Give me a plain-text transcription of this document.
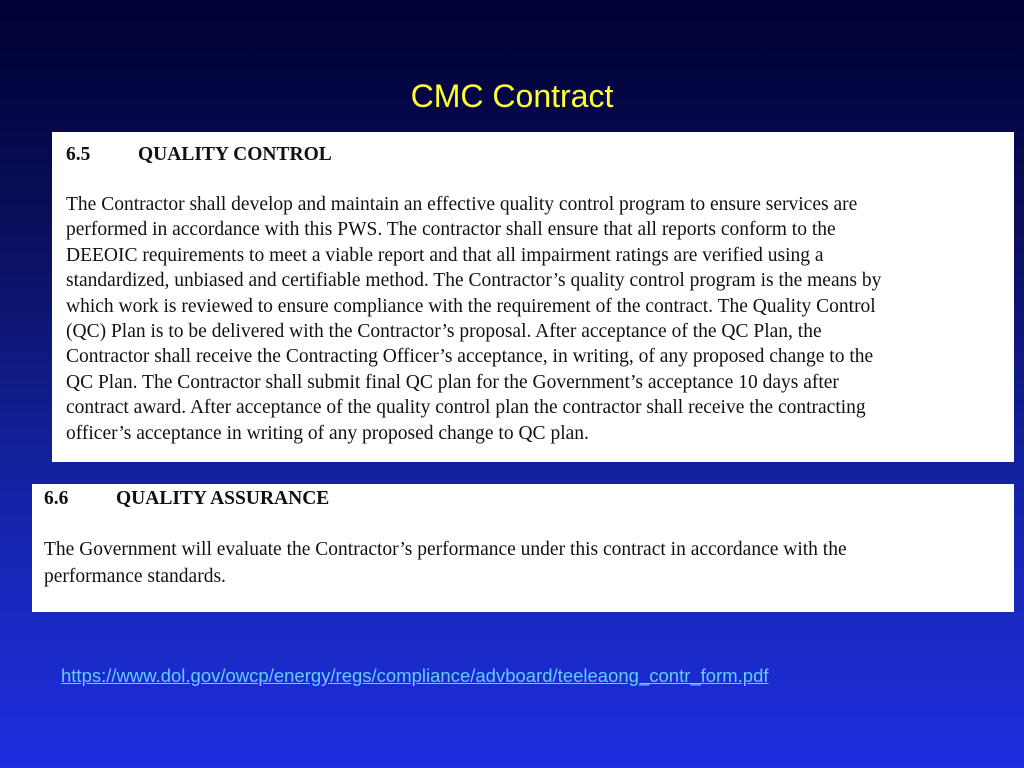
CMC Contract
6.5	QUALITY CONTROL

The Contractor shall develop and maintain an effective quality control program to ensure services are
performed in accordance with this PWS. The contractor shall ensure that all reports conform to the
DEEOIC requirements to meet a viable report and that all impairment ratings are verified using a
standardized, unbiased and certifiable method. The Contractor’s quality control program is the means by
which work is reviewed to ensure compliance with the requirement of the contract. The Quality Control
(QC) Plan is to be delivered with the Contractor’s proposal. After acceptance of the QC Plan, the
Contractor shall receive the Contracting Officer’s acceptance, in writing, of any proposed change to the
QC Plan. The Contractor shall submit final QC plan for the Government’s acceptance 10 days after
contract award. After acceptance of the quality control plan the contractor shall receive the contracting
officer’s acceptance in writing of any proposed change to QC plan.

6.6	QUALITY ASSURANCE

The Government will evaluate the Contractor’s performance under this contract in accordance with the
performance standards.

https://www.dol.gov/owcp/energy/regs/compliance/advboard/teeleaong_contr_form.pdf
